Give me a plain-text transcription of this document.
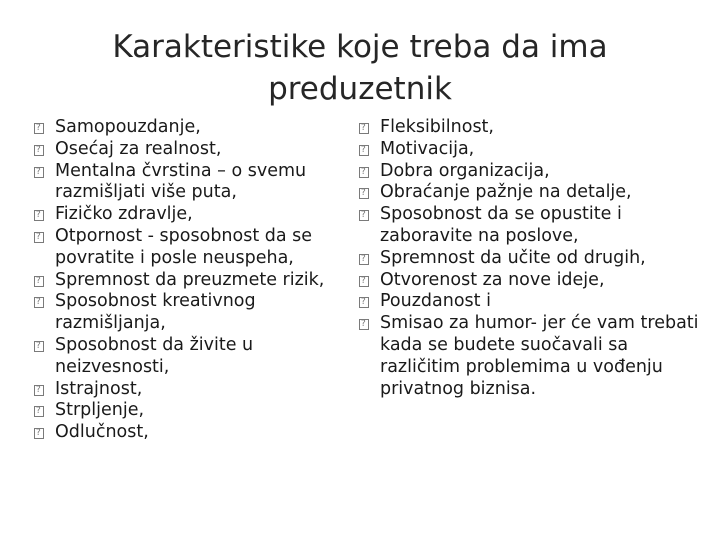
Karakteristike koje treba da ima preduzetnik
?
Samopouzdanje,
?
Osećaj za realnost,
?
Mentalna čvrstina – o svemu razmišljati više puta,
?
Fizičko zdravlje,
?
Otpornost - sposobnost da se povratite i posle neuspeha,
?
Spremnost da preuzmete rizik,
?
Sposobnost kreativnog razmišljanja,
?
Sposobnost da živite u neizvesnosti,
?
Istrajnost,
?
Strpljenje,
?
Odlučnost,
?
Fleksibilnost,
?
Motivacija,
?
Dobra organizacija,
?
Obraćanje pažnje na detalje,
?
Sposobnost da se opustite i zaboravite na poslove,
?
Spremnost da učite od drugih,
?
Otvorenost za nove ideje,
?
Pouzdanost i
?
Smisao za humor- jer će vam trebati kada se budete suočavali sa različitim problemima u vođenju privatnog biznisa.
